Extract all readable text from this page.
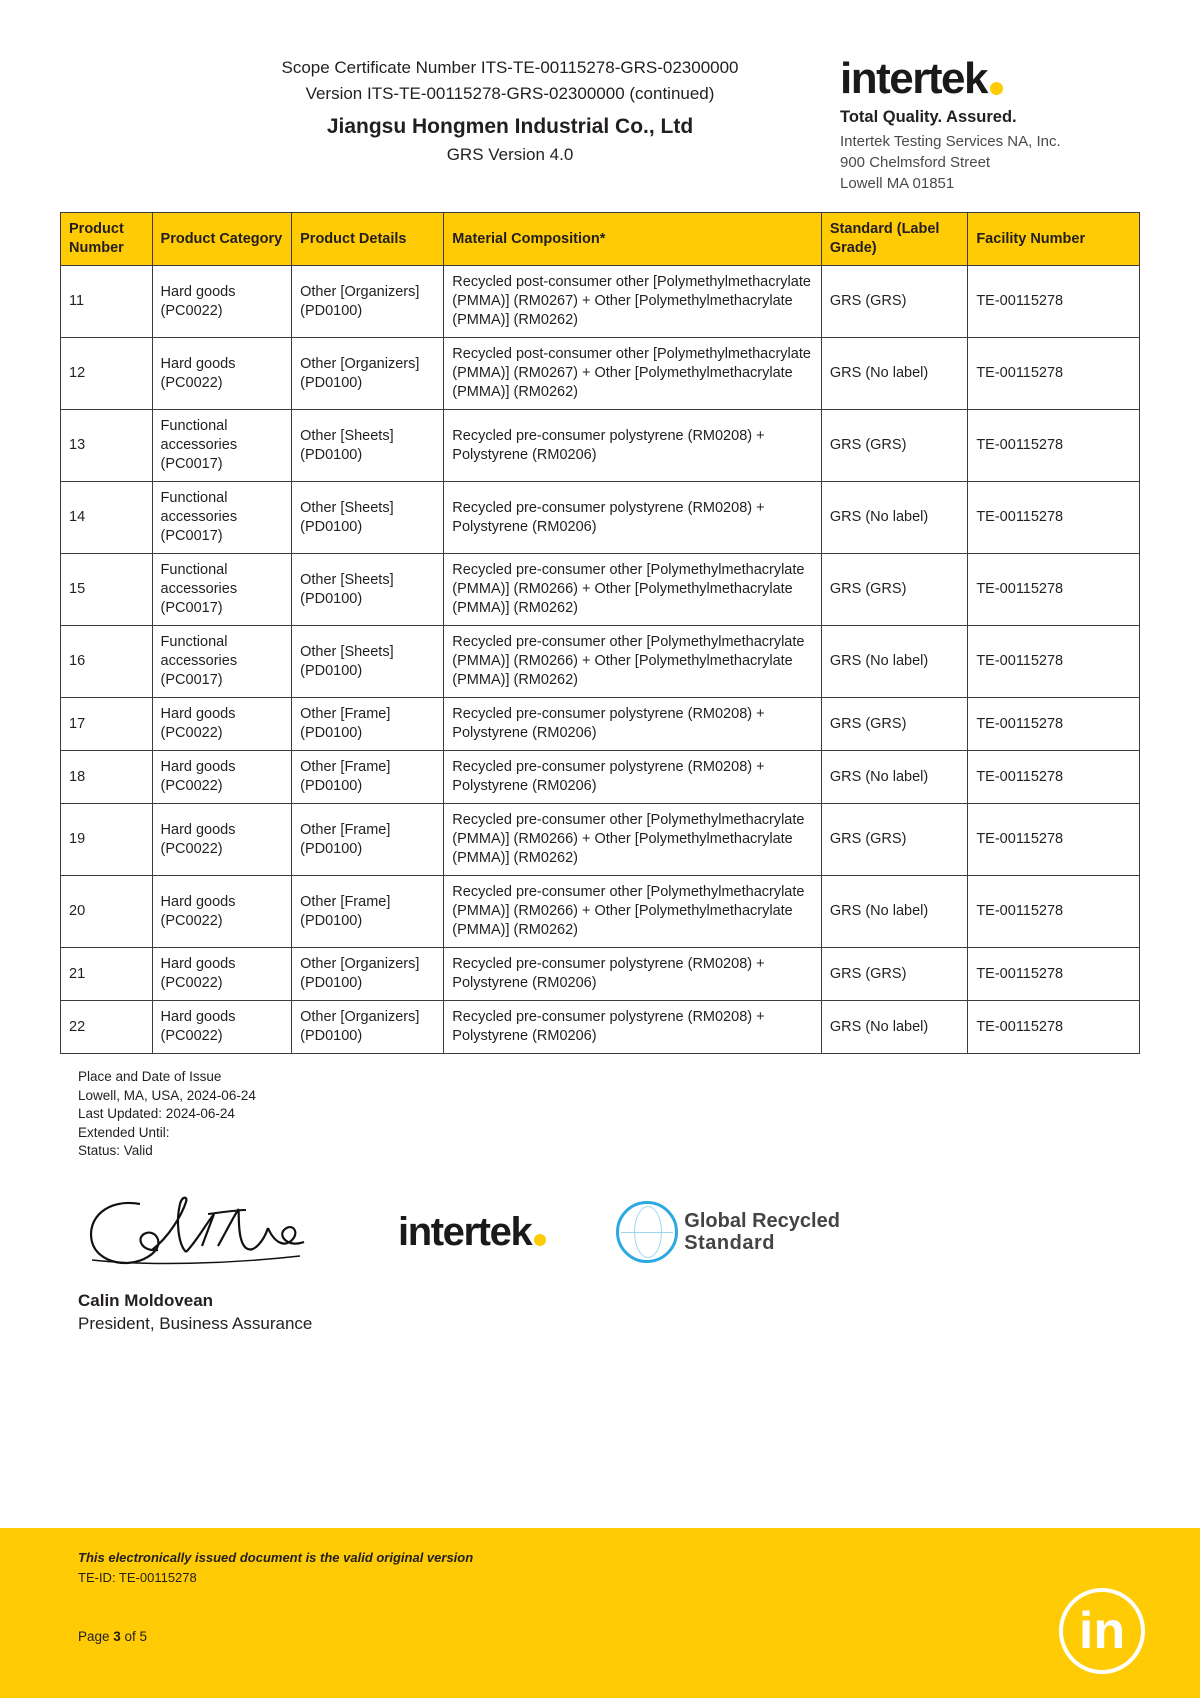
Scope Certificate Number ITS-TE-00115278-GRS-02300000
Version ITS-TE-00115278-GRS-02300000 (continued)
Jiangsu Hongmen Industrial Co., Ltd
GRS Version 4.0
intertek
Total Quality. Assured.
Intertek Testing Services NA, Inc.
900 Chelmsford Street
Lowell MA 01851
Product Number	Product Category	Product Details	Material Composition*	Standard (Label Grade)	Facility Number
11	Hard goods (PC0022)	Other [Organizers] (PD0100)	Recycled post-consumer other [Polymethylmethacrylate (PMMA)] (RM0267) + Other [Polymethylmethacrylate (PMMA)] (RM0262)	GRS (GRS)	TE-00115278
12	Hard goods (PC0022)	Other [Organizers] (PD0100)	Recycled post-consumer other [Polymethylmethacrylate (PMMA)] (RM0267) + Other [Polymethylmethacrylate (PMMA)] (RM0262)	GRS (No label)	TE-00115278
13	Functional accessories (PC0017)	Other [Sheets] (PD0100)	Recycled pre-consumer polystyrene (RM0208) + Polystyrene (RM0206)	GRS (GRS)	TE-00115278
14	Functional accessories (PC0017)	Other [Sheets] (PD0100)	Recycled pre-consumer polystyrene (RM0208) + Polystyrene (RM0206)	GRS (No label)	TE-00115278
15	Functional accessories (PC0017)	Other [Sheets] (PD0100)	Recycled pre-consumer other [Polymethylmethacrylate (PMMA)] (RM0266) + Other [Polymethylmethacrylate (PMMA)] (RM0262)	GRS (GRS)	TE-00115278
16	Functional accessories (PC0017)	Other [Sheets] (PD0100)	Recycled pre-consumer other [Polymethylmethacrylate (PMMA)] (RM0266) + Other [Polymethylmethacrylate (PMMA)] (RM0262)	GRS (No label)	TE-00115278
17	Hard goods (PC0022)	Other [Frame] (PD0100)	Recycled pre-consumer polystyrene (RM0208) + Polystyrene (RM0206)	GRS (GRS)	TE-00115278
18	Hard goods (PC0022)	Other [Frame] (PD0100)	Recycled pre-consumer polystyrene (RM0208) + Polystyrene (RM0206)	GRS (No label)	TE-00115278
19	Hard goods (PC0022)	Other [Frame] (PD0100)	Recycled pre-consumer other [Polymethylmethacrylate (PMMA)] (RM0266) + Other [Polymethylmethacrylate (PMMA)] (RM0262)	GRS (GRS)	TE-00115278
20	Hard goods (PC0022)	Other [Frame] (PD0100)	Recycled pre-consumer other [Polymethylmethacrylate (PMMA)] (RM0266) + Other [Polymethylmethacrylate (PMMA)] (RM0262)	GRS (No label)	TE-00115278
21	Hard goods (PC0022)	Other [Organizers] (PD0100)	Recycled pre-consumer polystyrene (RM0208) + Polystyrene (RM0206)	GRS (GRS)	TE-00115278
22	Hard goods (PC0022)	Other [Organizers] (PD0100)	Recycled pre-consumer polystyrene (RM0208) + Polystyrene (RM0206)	GRS (No label)	TE-00115278
Place and Date of Issue
Lowell, MA, USA, 2024-06-24
Last Updated: 2024-06-24
Extended Until:
Status: Valid
intertek	Global Recycled
Standard
Calin Moldovean
President, Business Assurance
This electronically issued document is the valid original version
TE-ID: TE-00115278
Page 3 of 5	in
